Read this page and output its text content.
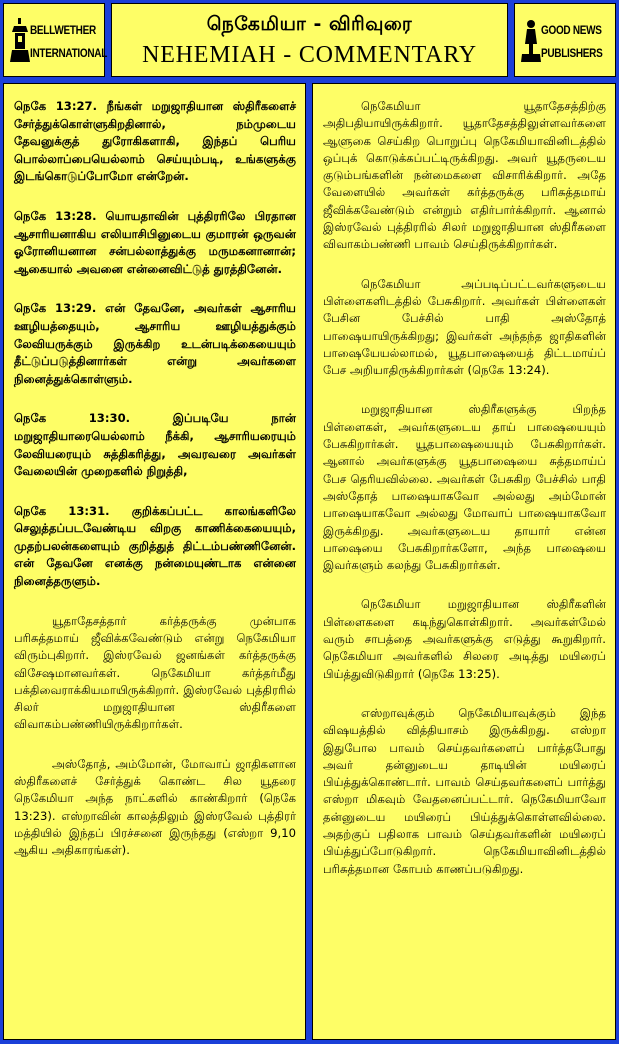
BELLWETHER
INTERNATIONAL
நெகேமியா - விரிவுரை
NEHEMIAH - COMMENTARY
GOOD NEWS
PUBLISHERS

நெகே 13:27. நீங்கள் மறுஜாதியான ஸ்திரீகளைச் சேர்த்துக்கொள்ளுகிறதினால், நம்முடைய தேவனுக்குத் துரோகிகளாகி, இந்தப் பெரிய பொல்லாப்பையெல்லாம் செய்யும்படி, உங்களுக்கு இடங்கொடுப்போமோ என்றேன்.

நெகே 13:28. யொயதாவின் புத்திரரிலே பிரதான ஆசாரியனாகிய எலியாசிபினுடைய குமாரன் ஒருவன் ஓரோனியனான சன்பல்லாத்துக்கு மருமகனானான்; ஆகையால் அவனை என்னைவிட்டுத் துரத்தினேன்.

நெகே 13:29. என் தேவனே, அவர்கள் ஆசாரிய ஊழியத்தையும், ஆசாரிய ஊழியத்துக்கும் லேவியருக்கும் இருக்கிற உடன்படிக்கையையும் தீட்டுப்படுத்தினார்கள் என்று அவர்களை நினைத்துக்கொள்ளும்.

நெகே 13:30. இப்படியே நான் மறுஜாதியாரையெல்லாம் நீக்கி, ஆசாரியரையும் லேவியரையும் சுத்திகரித்து, அவரவரை அவர்கள் வேலையின் முறைகளில் நிறுத்தி,

நெகே 13:31. குறிக்கப்பட்ட காலங்களிலே செலுத்தப்படவேண்டிய விறகு காணிக்கையையும், முதற்பலன்களையும் குறித்துத் திட்டம்பண்ணினேன். என் தேவனே எனக்கு நன்மையுண்டாக என்னை நினைத்தருளும்.

யூதாதேசத்தார் கர்த்தருக்கு முன்பாக பரிசுத்தமாய் ஜீவிக்கவேண்டும் என்று நெகேமியா விரும்புகிறார். இஸ்ரவேல் ஜனங்கள் கர்த்தருக்கு விசேஷமானவர்கள். நெகேமியா கர்த்தர்மீது பக்திவைராக்கியமாயிருக்கிறார். இஸ்ரவேல் புத்திரரில் சிலர் மறுஜாதியான ஸ்திரீகளை விவாகம்பண்ணியிருக்கிறார்கள்.

அஸ்தோத், அம்மோன், மோவாப் ஜாதிகளான ஸ்திரீகளைச் சேர்த்துக் கொண்ட சில யூதரை நெகேமியா அந்த நாட்களில் காண்கிறார் (நெகே 13:23). எஸ்றாவின் காலத்திலும் இஸ்ரவேல் புத்திரர் மத்தியில் இந்தப் பிரச்சனை இருந்தது (எஸ்றா 9,10 ஆகிய அதிகாரங்கள்).

நெகேமியா யூதாதேசத்திற்கு அதிபதியாயிருக்கிறார். யூதாதேசத்திலுள்ளவர்களை ஆளுகை செய்கிற பொறுப்பு நெகேமியாவினிடத்தில் ஒப்புக் கொடுக்கப்பட்டிருக்கிறது. அவர் யூதருடைய குடும்பங்களின் நன்மைகளை விசாரிக்கிறார். அதே வேளையில் அவர்கள் கர்த்தருக்கு பரிசுத்தமாய் ஜீவிக்கவேண்டும் என்றும் எதிர்பார்க்கிறார். ஆனால் இஸ்ரவேல் புத்திரரில் சிலர் மறுஜாதியான ஸ்திரீகளை விவாகம்பண்ணி பாவம் செய்திருக்கிறார்கள்.

நெகேமியா அப்படிப்பட்டவர்களுடைய பிள்ளைகளிடத்தில் பேசுகிறார். அவர்கள் பிள்ளைகள் பேசின பேச்சில் பாதி அஸ்தோத் பாஷையாயிருக்கிறது; இவர்கள் அந்தந்த ஜாதிகளின் பாஷையேயல்லாமல், யூதபாஷையைத் திட்டமாய்ப் பேச அறியாதிருக்கிறார்கள் (நெகே 13:24).

மறுஜாதியான ஸ்திரீகளுக்கு பிறந்த பிள்ளைகள், அவர்களுடைய தாய் பாஷையையும் பேசுகிறார்கள். யூதபாஷையையும் பேசுகிறார்கள். ஆனால் அவர்களுக்கு யூதபாஷையை சுத்தமாய்ப் பேச தெரியவில்லை. அவர்கள் பேசுகிற பேச்சில் பாதி அஸ்தோத் பாஷையாகவோ அல்லது அம்மோன் பாஷையாகவோ அல்லது மோவாப் பாஷையாகவோ இருக்கிறது. அவர்களுடைய தாயார் என்ன பாஷையை பேசுகிறார்களோ, அந்த பாஷையை இவர்களும் கலந்து பேசுகிறார்கள்.

நெகேமியா மறுஜாதியான ஸ்திரீகளின் பிள்ளைகளை கடிந்துகொள்கிறார். அவர்கள்மேல் வரும் சாபத்தை அவர்களுக்கு எடுத்து கூறுகிறார். நெகேமியா அவர்களில் சிலரை அடித்து மயிரைப் பிய்த்துவிடுகிறார் (நெகே 13:25).

எஸ்றாவுக்கும் நெகேமியாவுக்கும் இந்த விஷயத்தில் வித்தியாசம் இருக்கிறது. எஸ்றா இதுபோல பாவம் செய்தவர்களைப் பார்த்தபோது அவர் தன்னுடைய தாடியின் மயிரைப் பிய்த்துக்கொண்டார். பாவம் செய்தவர்களைப் பார்த்து எஸ்றா மிகவும் வேதனைப்பட்டார். நெகேமியாவோ தன்னுடைய மயிரைப் பிய்த்துக்கொள்ளவில்லை. அதற்குப் பதிலாக பாவம் செய்தவர்களின் மயிரைப் பிய்த்துப்போடுகிறார். நெகேமியாவினிடத்தில் பரிசுத்தமான கோபம் காணப்படுகிறது.
